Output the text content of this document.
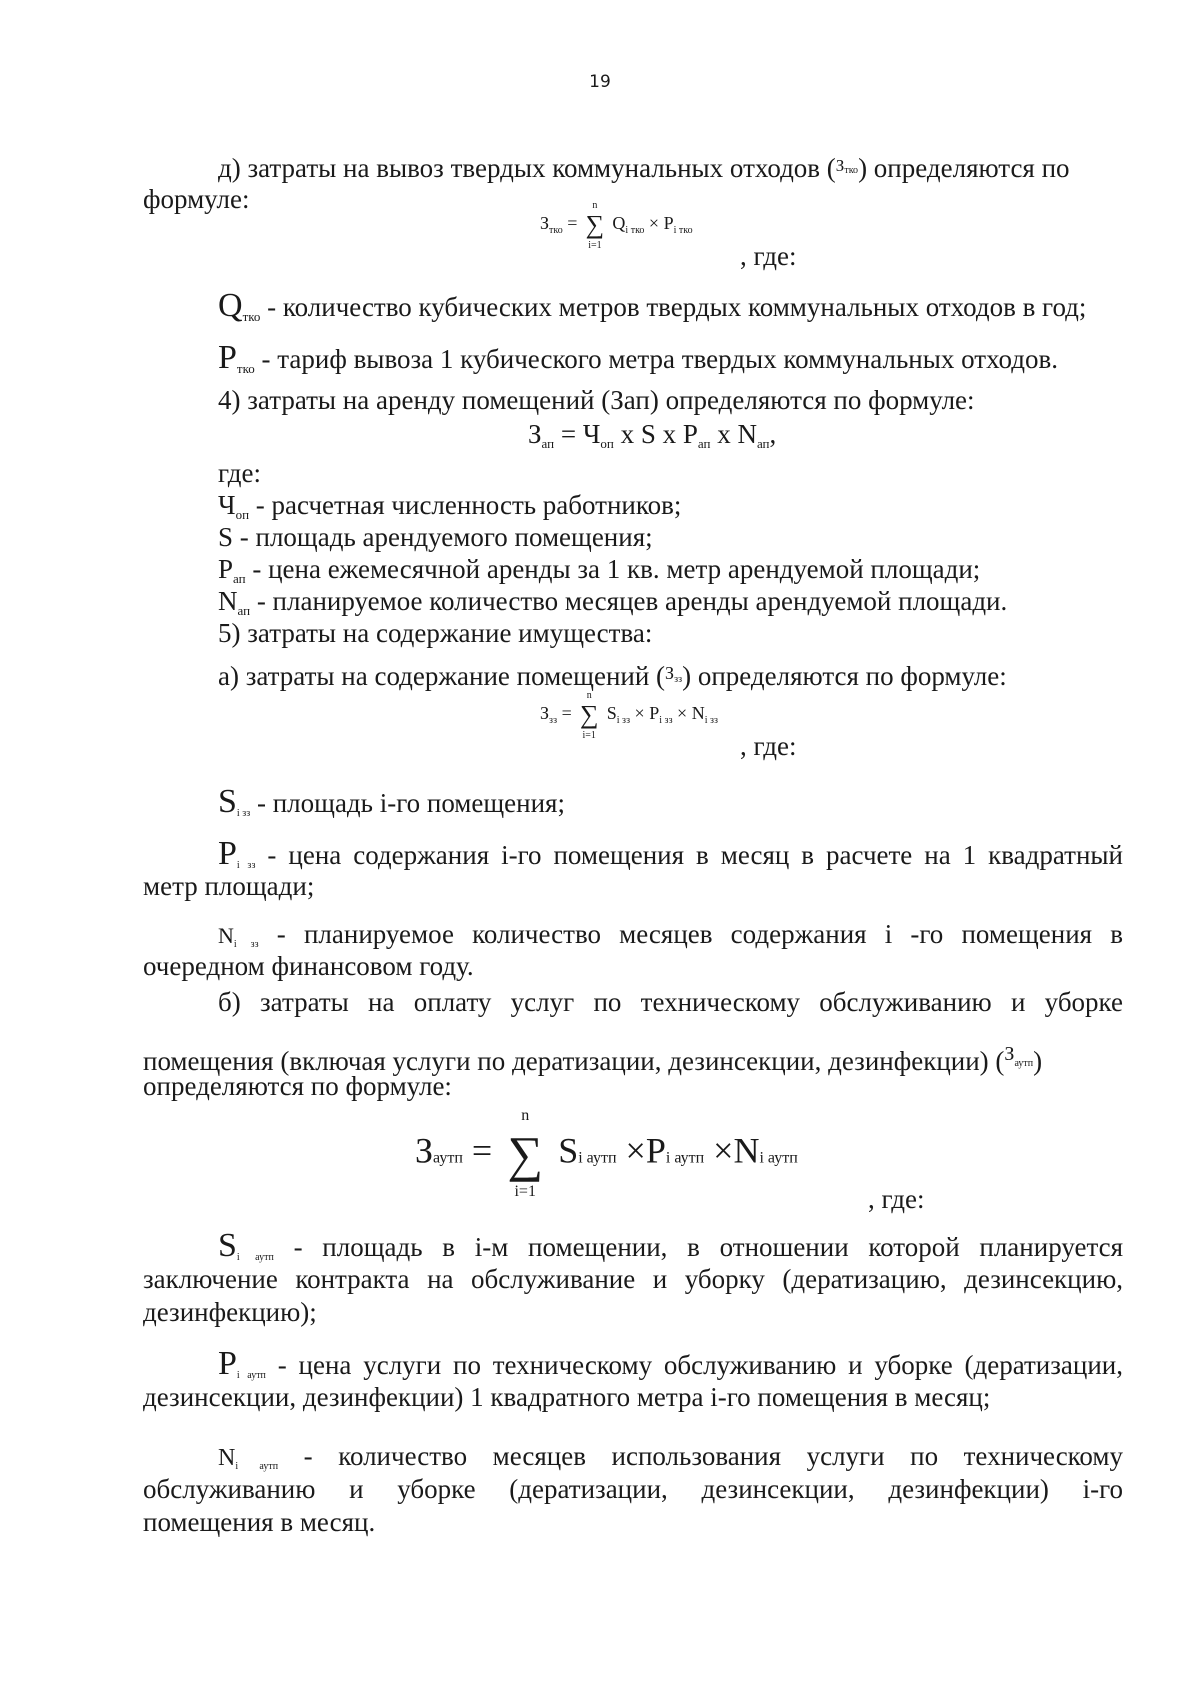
19
д) затраты на вывоз твердых коммунальных отходов ($^З$тко) определяются по
формуле:
$З_{тко}$ = ∑
n
i=1
$Q_{i тко} \times P_{i тко}$
, где:
$Q_{тко}$ - количество кубических метров твердых коммунальных отходов в год;
$P_{тко}$ - тариф вывоза 1 кубического метра твердых коммунальных отходов.
4) затраты на аренду помещений (Зап) определяются по формуле:
$З_{ап} = Ч_{оп}$ x S x $P_{ап}$ x $N_{ап}$,
где:
$Ч_{оп}$ - расчетная численность работников;
S - площадь арендуемого помещения;
$Р_{ап}$ - цена ежемесячной аренды за 1 кв. метр арендуемой площади;
$N_{ап}$ - планируемое количество месяцев аренды арендуемой площади.
5) затраты на содержание имущества:
а) затраты на содержание помещений ($^З$зз) определяются по формуле:
$З_{зз}$ = ∑
n
i=1
$S_{i зз} \times P_{i зз} \times N_{i зз}$
, где:
Si зз - площадь i-го помещения;
Pi зз - цена содержания i-го помещения в месяц в расчете на 1 квадратный
метр площади;
Ni зз - планируемое количество месяцев содержания i -го помещения в
очередном финансовом году.
б) затраты на оплату услуг по техническому обслуживанию и уборке
помещения (включая услуги по дератизации, дезинсекции, дезинфекции) ($^З$аутп)
определяются по формуле:
Заутп = ∑
n
i=1
Si аутп ×Pi аутп ×Ni аутп
, где:
Si аутп - площадь в i-м помещении, в отношении которой планируется
заключение контракта на обслуживание и уборку (дератизацию, дезинсекцию,
дезинфекцию);
Pi аутп - цена услуги по техническому обслуживанию и уборке (дератизации,
дезинсекции, дезинфекции) 1 квадратного метра i-го помещения в месяц;
Ni аутп - количество месяцев использования услуги по техническому
обслуживанию и уборке (дератизации, дезинсекции, дезинфекции) i-го
помещения в месяц.
